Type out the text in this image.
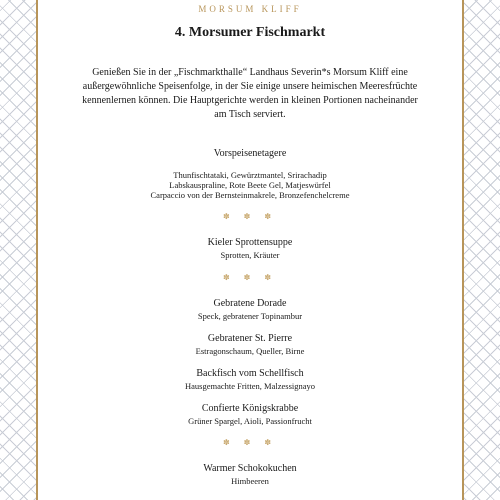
MORSUM KLIFF
4. Morsumer Fischmarkt
Genießen Sie in der „Fischmarkthalle“ Landhaus Severin*s Morsum Kliff eine außergewöhnliche Speisenfolge, in der Sie einige unsere heimischen Meeresfrüchte kennenlernen können. Die Hauptgerichte werden in kleinen Portionen nacheinander am Tisch serviert.
Vorspeisenetagere
Thunfischtataki, Gewürztmantel, Srirachadip
Labskauspraline, Rote Beete Gel, Matjeswürfel
Carpaccio von der Bernsteinmakrele, Bronzefenchelcreme
✽ ✽ ✽
Kieler Sprottensuppe
Sprotten, Kräuter
✽ ✽ ✽
Gebratene Dorade
Speck, gebratener Topinambur
Gebratener St. Pierre
Estragonschaum, Queller, Birne
Backfisch vom Schellfisch
Hausgemachte Fritten, Malzessignayo
Confierte Königskrabbe
Grüner Spargel, Aioli, Passionfrucht
✽ ✽ ✽
Warmer Schokokuchen
Himbeeren
